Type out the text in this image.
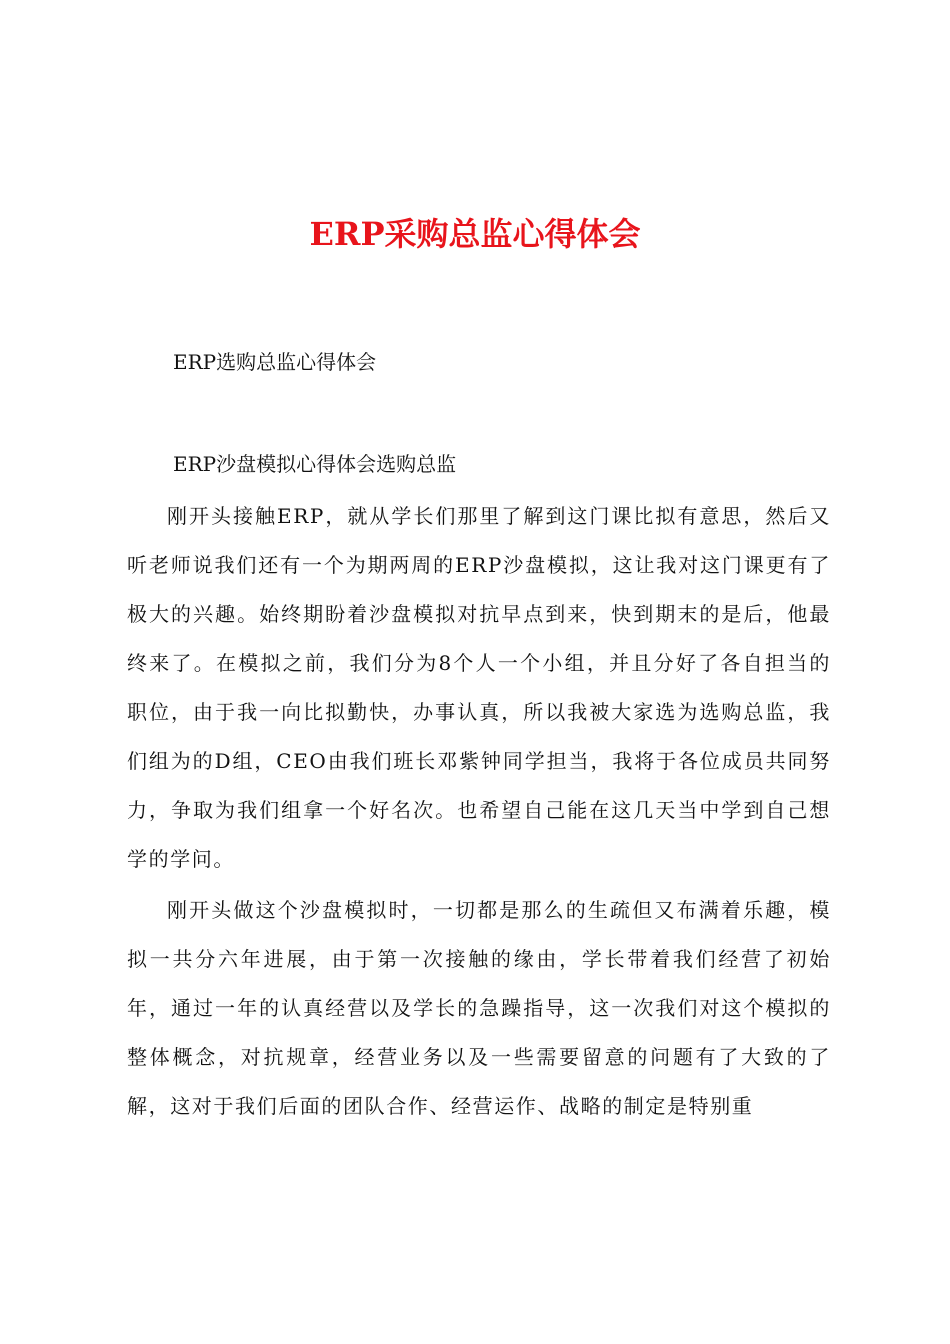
ERP采购总监心得体会

ERP选购总监心得体会

ERP沙盘模拟心得体会选购总监

刚开头接触ERP，就从学长们那里了解到这门课比拟有意思，然后又听老师说我们还有一个为期两周的ERP沙盘模拟，这让我对这门课更有了极大的兴趣。始终期盼着沙盘模拟对抗早点到来，快到期末的是后，他最终来了。在模拟之前，我们分为8个人一个小组，并且分好了各自担当的职位，由于我一向比拟勤快，办事认真，所以我被大家选为选购总监，我们组为的D组，CEO由我们班长邓紫钟同学担当，我将于各位成员共同努力，争取为我们组拿一个好名次。也希望自己能在这几天当中学到自己想学的学问。

刚开头做这个沙盘模拟时，一切都是那么的生疏但又布满着乐趣，模拟一共分六年进展，由于第一次接触的缘由，学长带着我们经营了初始年，通过一年的认真经营以及学长的急躁指导，这一次我们对这个模拟的整体概念，对抗规章，经营业务以及一些需要留意的问题有了大致的了解，这对于我们后面的团队合作、经营运作、战略的制定是特别重
